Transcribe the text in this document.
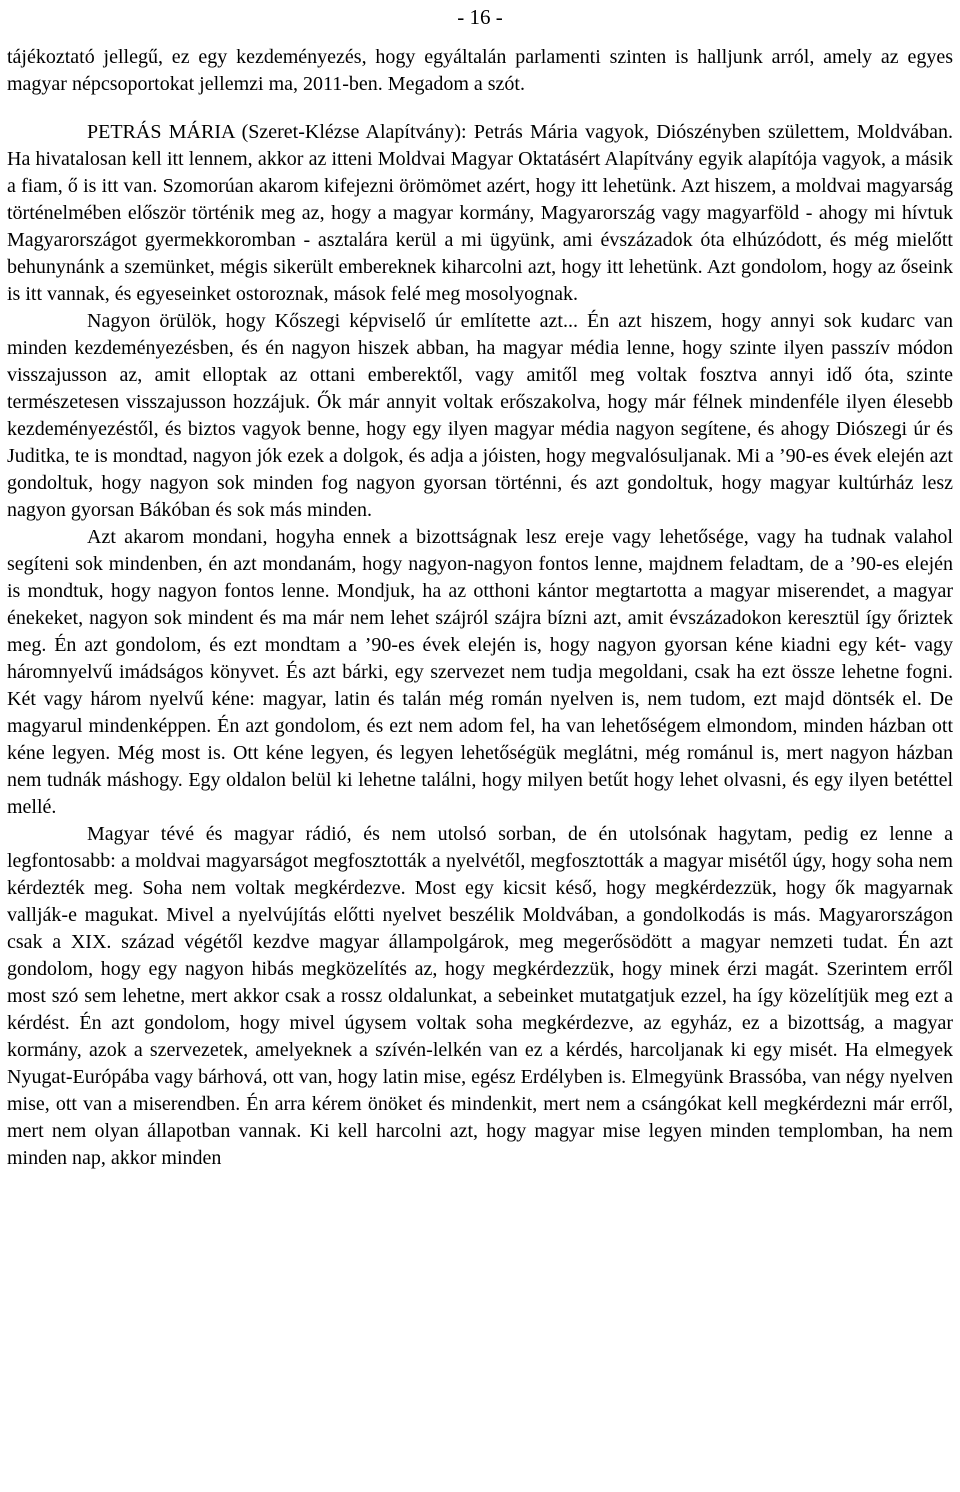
- 16 -

tájékoztató jellegű, ez egy kezdeményezés, hogy egyáltalán parlamenti szinten is halljunk arról, amely az egyes magyar népcsoportokat jellemzi ma, 2011-ben. Megadom a szót.

PETRÁS MÁRIA (Szeret-Klézse Alapítvány): Petrás Mária vagyok, Diószényben születtem, Moldvában. Ha hivatalosan kell itt lennem, akkor az itteni Moldvai Magyar Oktatásért Alapítvány egyik alapítója vagyok, a másik a fiam, ő is itt van. Szomorúan akarom kifejezni örömömet azért, hogy itt lehetünk. Azt hiszem, a moldvai magyarság történelmében először történik meg az, hogy a magyar kormány, Magyarország vagy magyarföld - ahogy mi hívtuk Magyarországot gyermekkoromban - asztalára kerül a mi ügyünk, ami évszázadok óta elhúzódott, és még mielőtt behunynánk a szemünket, mégis sikerült embereknek kiharcolni azt, hogy itt lehetünk. Azt gondolom, hogy az őseink is itt vannak, és egyeseinket ostoroznak, mások felé meg mosolyognak.

Nagyon örülök, hogy Kőszegi képviselő úr említette azt... Én azt hiszem, hogy annyi sok kudarc van minden kezdeményezésben, és én nagyon hiszek abban, ha magyar média lenne, hogy szinte ilyen passzív módon visszajusson az, amit elloptak az ottani emberektől, vagy amitől meg voltak fosztva annyi idő óta, szinte természetesen visszajusson hozzájuk. Ők már annyit voltak erőszakolva, hogy már félnek mindenféle ilyen élesebb kezdeményezéstől, és biztos vagyok benne, hogy egy ilyen magyar média nagyon segítene, és ahogy Diószegi úr és Juditka, te is mondtad, nagyon jók ezek a dolgok, és adja a jóisten, hogy megvalósuljanak. Mi a ’90-es évek elején azt gondoltuk, hogy nagyon sok minden fog nagyon gyorsan történni, és azt gondoltuk, hogy magyar kultúrház lesz nagyon gyorsan Bákóban és sok más minden.

Azt akarom mondani, hogyha ennek a bizottságnak lesz ereje vagy lehetősége, vagy ha tudnak valahol segíteni sok mindenben, én azt mondanám, hogy nagyon-nagyon fontos lenne, majdnem feladtam, de a ’90-es elején is mondtuk, hogy nagyon fontos lenne. Mondjuk, ha az otthoni kántor megtartotta a magyar miserendet, a magyar énekeket, nagyon sok mindent és ma már nem lehet szájról szájra bízni azt, amit évszázadokon keresztül így őriztek meg. Én azt gondolom, és ezt mondtam a ’90-es évek elején is, hogy nagyon gyorsan kéne kiadni egy két- vagy háromnyelvű imádságos könyvet. És azt bárki, egy szervezet nem tudja megoldani, csak ha ezt össze lehetne fogni. Két vagy három nyelvű kéne: magyar, latin és talán még román nyelven is, nem tudom, ezt majd döntsék el. De magyarul mindenképpen. Én azt gondolom, és ezt nem adom fel, ha van lehetőségem elmondom, minden házban ott kéne legyen. Még most is. Ott kéne legyen, és legyen lehetőségük meglátni, még románul is, mert nagyon házban nem tudnák máshogy. Egy oldalon belül ki lehetne találni, hogy milyen betűt hogy lehet olvasni, és egy ilyen betéttel mellé.

Magyar tévé és magyar rádió, és nem utolsó sorban, de én utolsónak hagytam, pedig ez lenne a legfontosabb: a moldvai magyarságot megfosztották a nyelvétől, megfosztották a magyar misétől úgy, hogy soha nem kérdezték meg. Soha nem voltak megkérdezve. Most egy kicsit késő, hogy megkérdezzük, hogy ők magyarnak vallják-e magukat. Mivel a nyelvújítás előtti nyelvet beszélik Moldvában, a gondolkodás is más. Magyarországon csak a XIX. század végétől kezdve magyar állampolgárok, meg megerősödött a magyar nemzeti tudat. Én azt gondolom, hogy egy nagyon hibás megközelítés az, hogy megkérdezzük, hogy minek érzi magát. Szerintem erről most szó sem lehetne, mert akkor csak a rossz oldalunkat, a sebeinket mutatgatjuk ezzel, ha így közelítjük meg ezt a kérdést. Én azt gondolom, hogy mivel úgysem voltak soha megkérdezve, az egyház, ez a bizottság, a magyar kormány, azok a szervezetek, amelyeknek a szívén-lelkén van ez a kérdés, harcoljanak ki egy misét. Ha elmegyek Nyugat-Európába vagy bárhová, ott van, hogy latin mise, egész Erdélyben is. Elmegyünk Brassóba, van négy nyelven mise, ott van a miserendben. Én arra kérem önöket és mindenkit, mert nem a csángókat kell megkérdezni már erről, mert nem olyan állapotban vannak. Ki kell harcolni azt, hogy magyar mise legyen minden templomban, ha nem minden nap, akkor minden
